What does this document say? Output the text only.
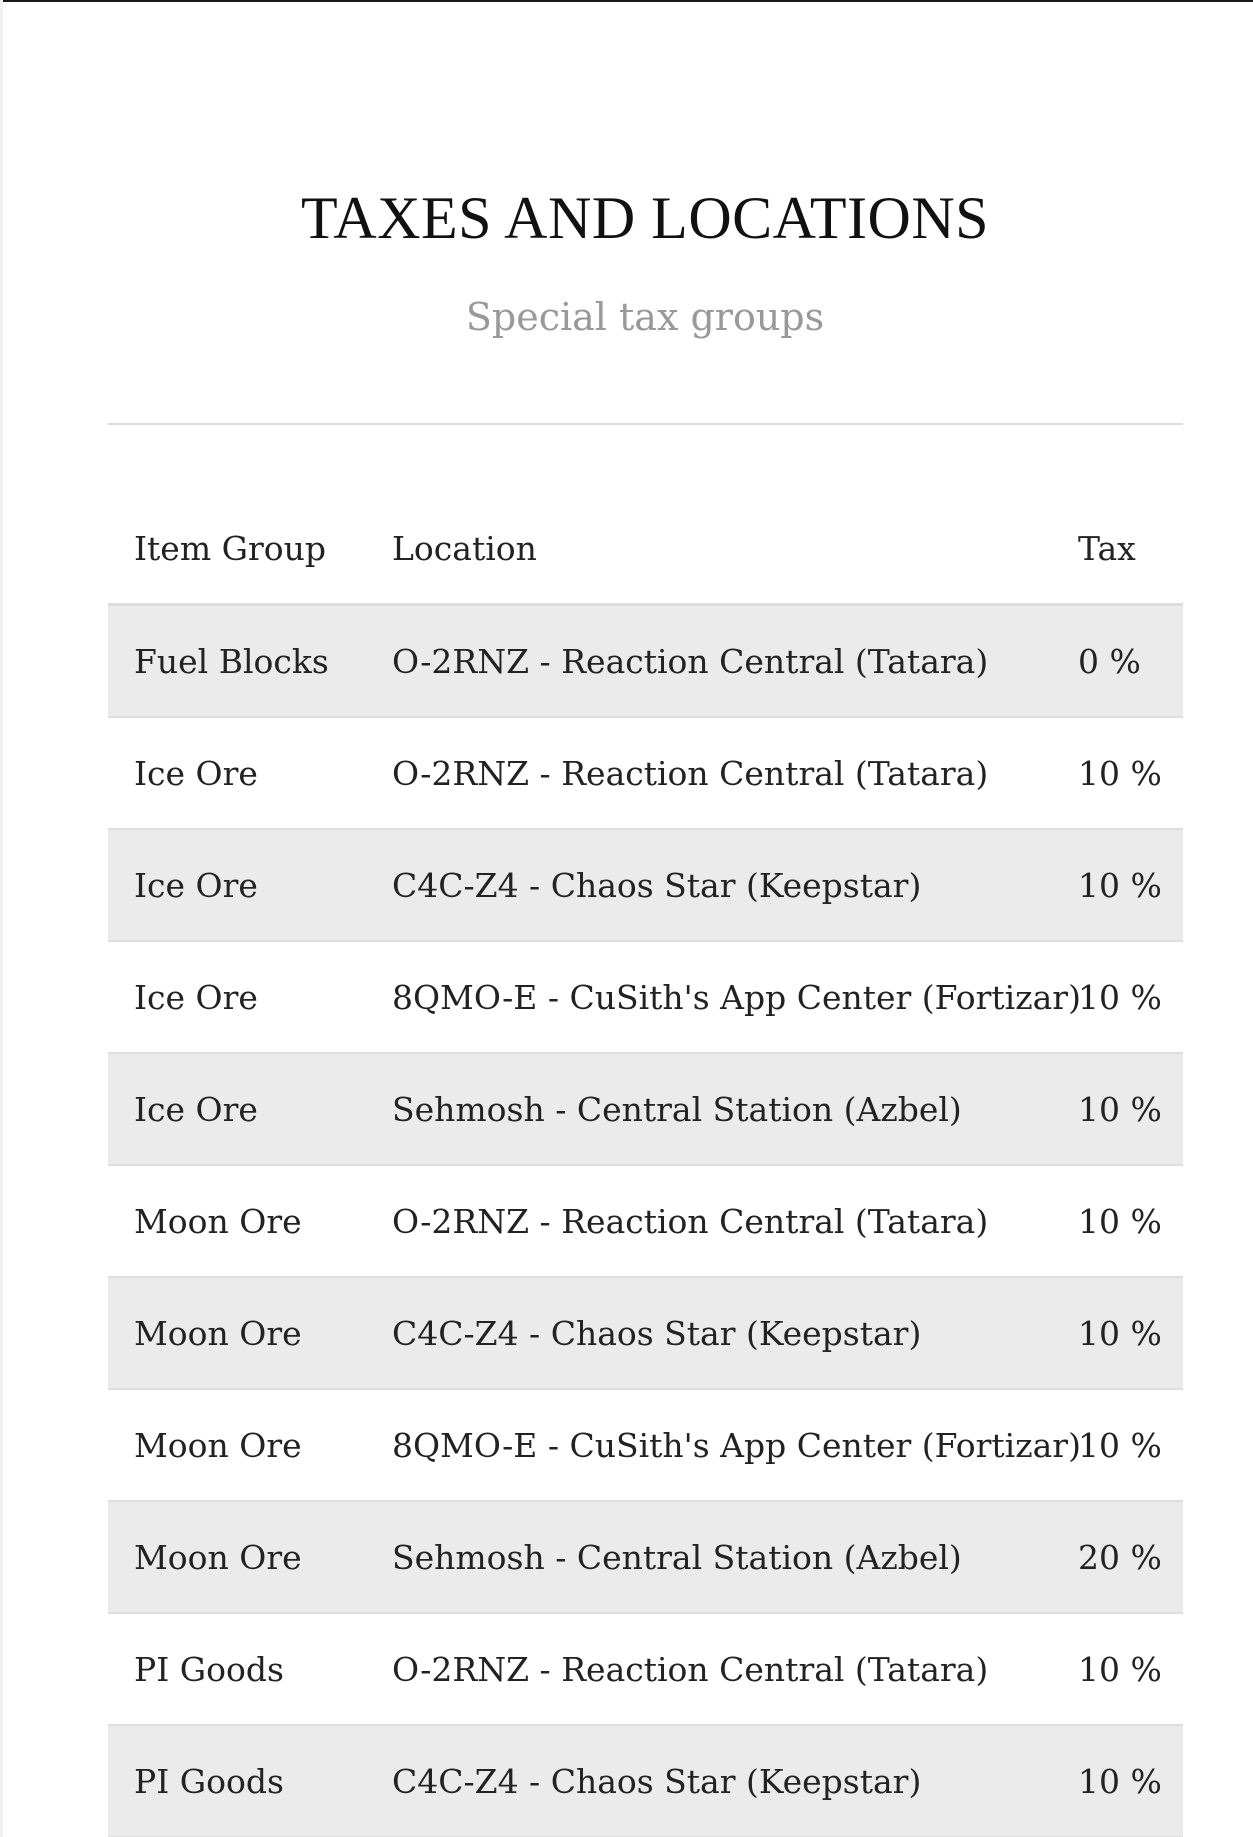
TAXES AND LOCATIONS
Special tax groups
Item Group	Location	Tax
Fuel Blocks	O-2RNZ - Reaction Central (Tatara)	0 %
Ice Ore	O-2RNZ - Reaction Central (Tatara)	10 %
Ice Ore	C4C-Z4 - Chaos Star (Keepstar)	10 %
Ice Ore	8QMO-E - CuSith's App Center (Fortizar)	10 %
Ice Ore	Sehmosh - Central Station (Azbel)	10 %
Moon Ore	O-2RNZ - Reaction Central (Tatara)	10 %
Moon Ore	C4C-Z4 - Chaos Star (Keepstar)	10 %
Moon Ore	8QMO-E - CuSith's App Center (Fortizar)	10 %
Moon Ore	Sehmosh - Central Station (Azbel)	20 %
PI Goods	O-2RNZ - Reaction Central (Tatara)	10 %
PI Goods	C4C-Z4 - Chaos Star (Keepstar)	10 %
